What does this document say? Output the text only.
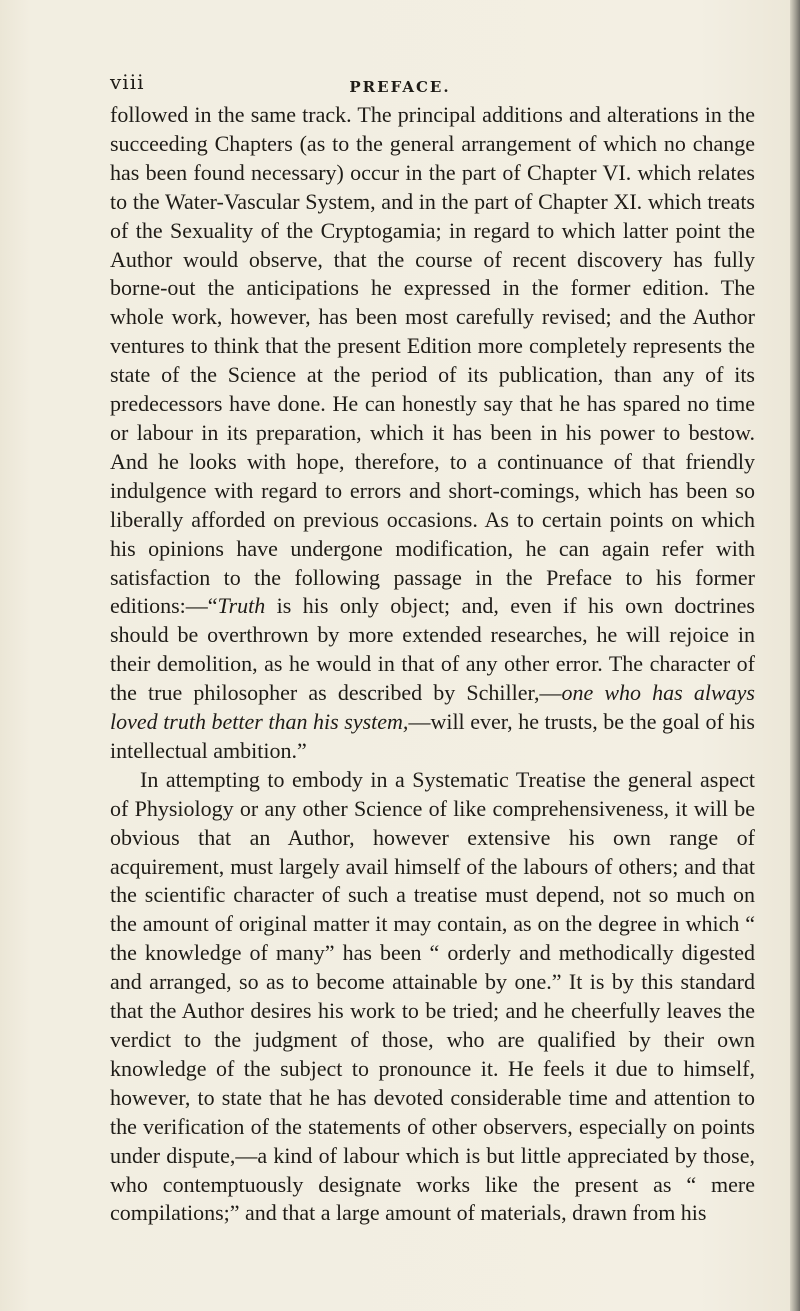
viii	PREFACE.

followed in the same track. The principal additions and alterations in the succeeding Chapters (as to the general arrangement of which no change has been found necessary) occur in the part of Chapter VI. which relates to the Water-Vascular System, and in the part of Chapter XI. which treats of the Sexuality of the Cryptogamia; in regard to which latter point the Author would observe, that the course of recent discovery has fully borne-out the anticipations he expressed in the former edition. The whole work, however, has been most carefully revised; and the Author ventures to think that the present Edition more completely represents the state of the Science at the period of its publication, than any of its predecessors have done. He can honestly say that he has spared no time or labour in its preparation, which it has been in his power to bestow. And he looks with hope, therefore, to a continuance of that friendly indulgence with regard to errors and short-comings, which has been so liberally afforded on previous occasions. As to certain points on which his opinions have undergone modification, he can again refer with satisfaction to the following passage in the Preface to his former editions:—“Truth is his only object; and, even if his own doctrines should be overthrown by more extended researches, he will rejoice in their demolition, as he would in that of any other error. The character of the true philosopher as described by Schiller,—one who has always loved truth better than his system,—will ever, he trusts, be the goal of his intellectual ambition.”

In attempting to embody in a Systematic Treatise the general aspect of Physiology or any other Science of like comprehensiveness, it will be obvious that an Author, however extensive his own range of acquirement, must largely avail himself of the labours of others; and that the scientific character of such a treatise must depend, not so much on the amount of original matter it may contain, as on the degree in which “ the knowledge of many” has been “ orderly and methodically digested and arranged, so as to become attainable by one.” It is by this standard that the Author desires his work to be tried; and he cheerfully leaves the verdict to the judgment of those, who are qualified by their own knowledge of the subject to pronounce it. He feels it due to himself, however, to state that he has devoted considerable time and attention to the verification of the statements of other observers, especially on points under dispute,—a kind of labour which is but little appreciated by those, who contemptuously designate works like the present as “ mere compilations;” and that a large amount of materials, drawn from his
